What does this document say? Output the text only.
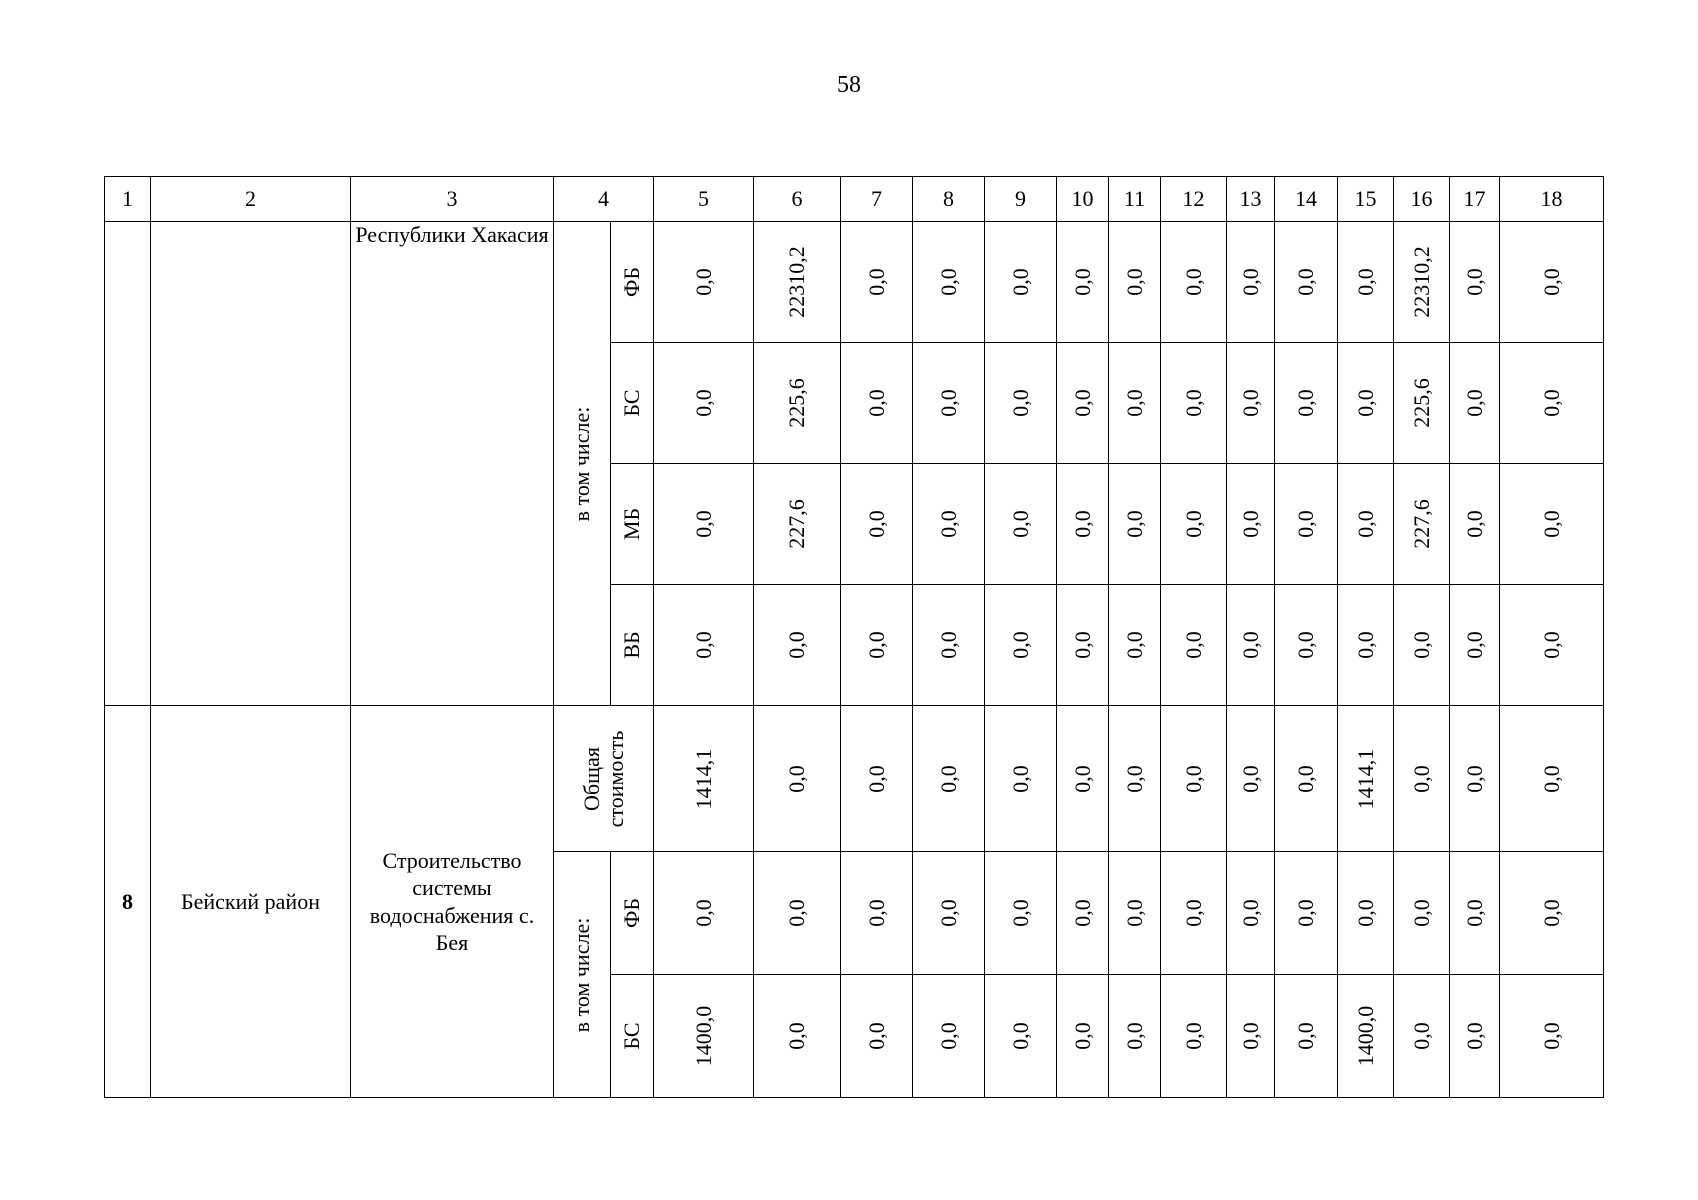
58
1	2	3	4		5	6	7	8	9	10	11	12	13	14	15	16	17	18
		Республики Хакасия	в том числе:	ФБ	0,0	22310,2	0,0	0,0	0,0	0,0	0,0	0,0	0,0	0,0	0,0	22310,2	0,0	0,0

				БС	0,0	225,6	0,0	0,0	0,0	0,0	0,0	0,0	0,0	0,0	0,0	225,6	0,0	0,0

				МБ	0,0	227,6	0,0	0,0	0,0	0,0	0,0	0,0	0,0	0,0	0,0	227,6	0,0	0,0

				ВБ	0,0	0,0	0,0	0,0	0,0	0,0	0,0	0,0	0,0	0,0	0,0	0,0	0,0	0,0

8	Бейский район	Строительство системы водоснабжения с. Бея	Общая стоимость		1414,1	0,0	0,0	0,0	0,0	0,0	0,0	0,0	0,0	0,0	1414,1	0,0	0,0	0,0

			в том числе:	ФБ	0,0	0,0	0,0	0,0	0,0	0,0	0,0	0,0	0,0	0,0	0,0	0,0	0,0	0,0

				БС	1400,0	0,0	0,0	0,0	0,0	0,0	0,0	0,0	0,0	0,0	1400,0	0,0	0,0	0,0
